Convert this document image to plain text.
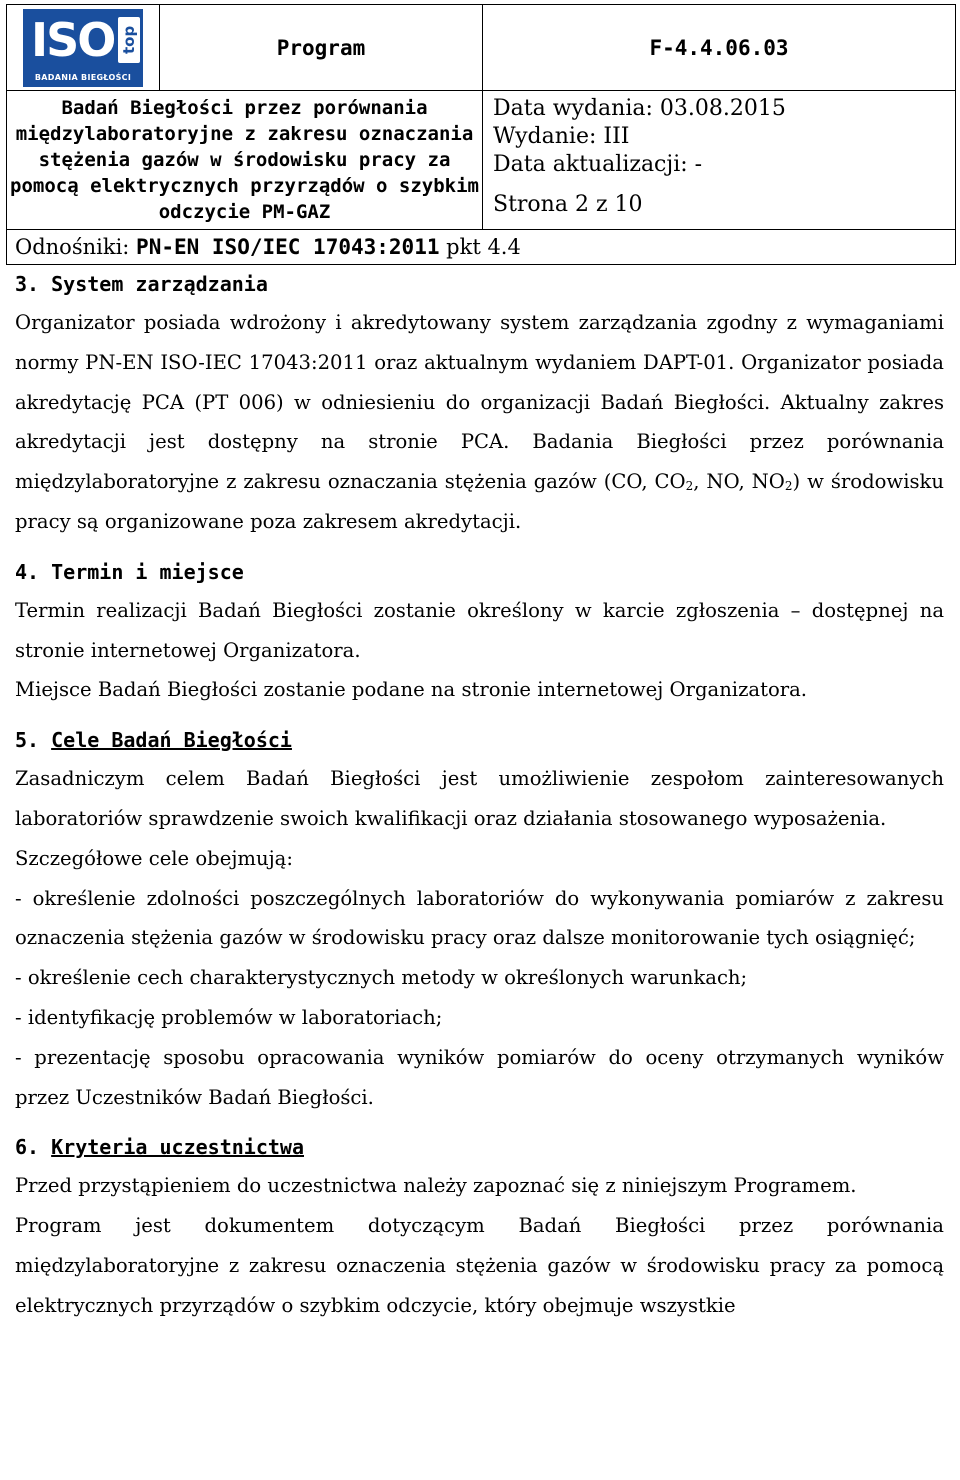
ISO top
BADANIA BIEGŁOŚCI	Program	F-4.4.06.03
Badań Biegłości przez porównania międzylaboratoryjne z zakresu oznaczania stężenia gazów w środowisku pracy za pomocą elektrycznych przyrządów o szybkim odczycie PM-GAZ		Data wydania: 03.08.2015
Wydanie: III
Data aktualizacji: -
Strona 2 z 10

Odnośniki: PN-EN ISO/IEC 17043:2011 pkt 4.4		
3. System zarządzania

Organizator posiada wdrożony i akredytowany system zarządzania zgodny z wymaganiami normy PN-EN ISO-IEC 17043:2011 oraz aktualnym wydaniem DAPT-01. Organizator posiada akredytację PCA (PT 006) w odniesieniu do organizacji Badań Biegłości. Aktualny zakres akredytacji jest dostępny na stronie PCA. Badania Biegłości przez porównania międzylaboratoryjne z zakresu oznaczania stężenia gazów (CO, $CO_2$, NO, $NO_2$) w środowisku pracy są organizowane poza zakresem akredytacji.

4. Termin i miejsce

Termin realizacji Badań Biegłości zostanie określony w karcie zgłoszenia – dostępnej na stronie internetowej Organizatora.

Miejsce Badań Biegłości zostanie podane na stronie internetowej Organizatora.

5. Cele Badań Biegłości

Zasadniczym celem Badań Biegłości jest umożliwienie zespołom zainteresowanych laboratoriów sprawdzenie swoich kwalifikacji oraz działania stosowanego wyposażenia.

Szczegółowe cele obejmują:

- określenie zdolności poszczególnych laboratoriów do wykonywania pomiarów z zakresu oznaczenia stężenia gazów w środowisku pracy oraz dalsze monitorowanie tych osiągnięć;

- określenie cech charakterystycznych metody w określonych warunkach;

- identyfikację problemów w laboratoriach;

- prezentację sposobu opracowania wyników pomiarów do oceny otrzymanych wyników przez Uczestników Badań Biegłości.

6. Kryteria uczestnictwa

Przed przystąpieniem do uczestnictwa należy zapoznać się z niniejszym Programem.

Program jest dokumentem dotyczącym Badań Biegłości przez porównania międzylaboratoryjne z zakresu oznaczenia stężenia gazów w środowisku pracy za pomocą elektrycznych przyrządów o szybkim odczycie, który obejmuje wszystkie
